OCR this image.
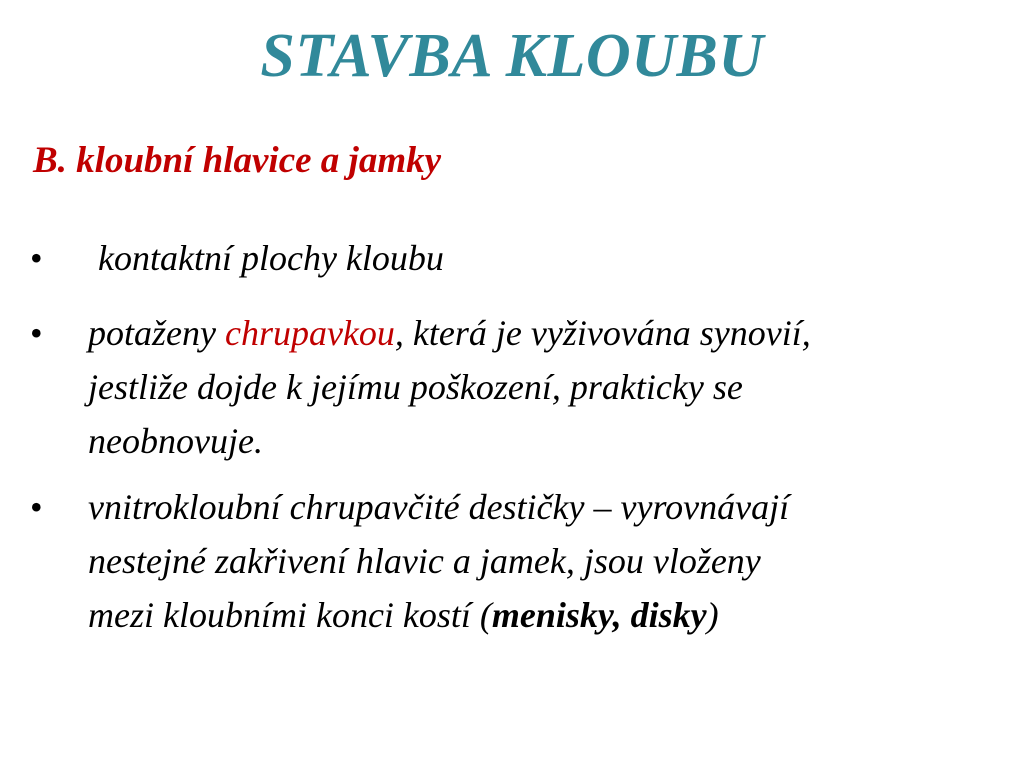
STAVBA KLOUBU
B. kloubní hlavice a jamky
• kontaktní plochy kloubu
• potaženy chrupavkou, která je vyživována synovií,
jestliže dojde k jejímu poškození, prakticky se
neobnovuje.
• vnitrokloubní chrupavčité destičky – vyrovnávají
nestejné zakřivení hlavic a jamek, jsou vloženy
mezi kloubními konci kostí (menisky, disky)
